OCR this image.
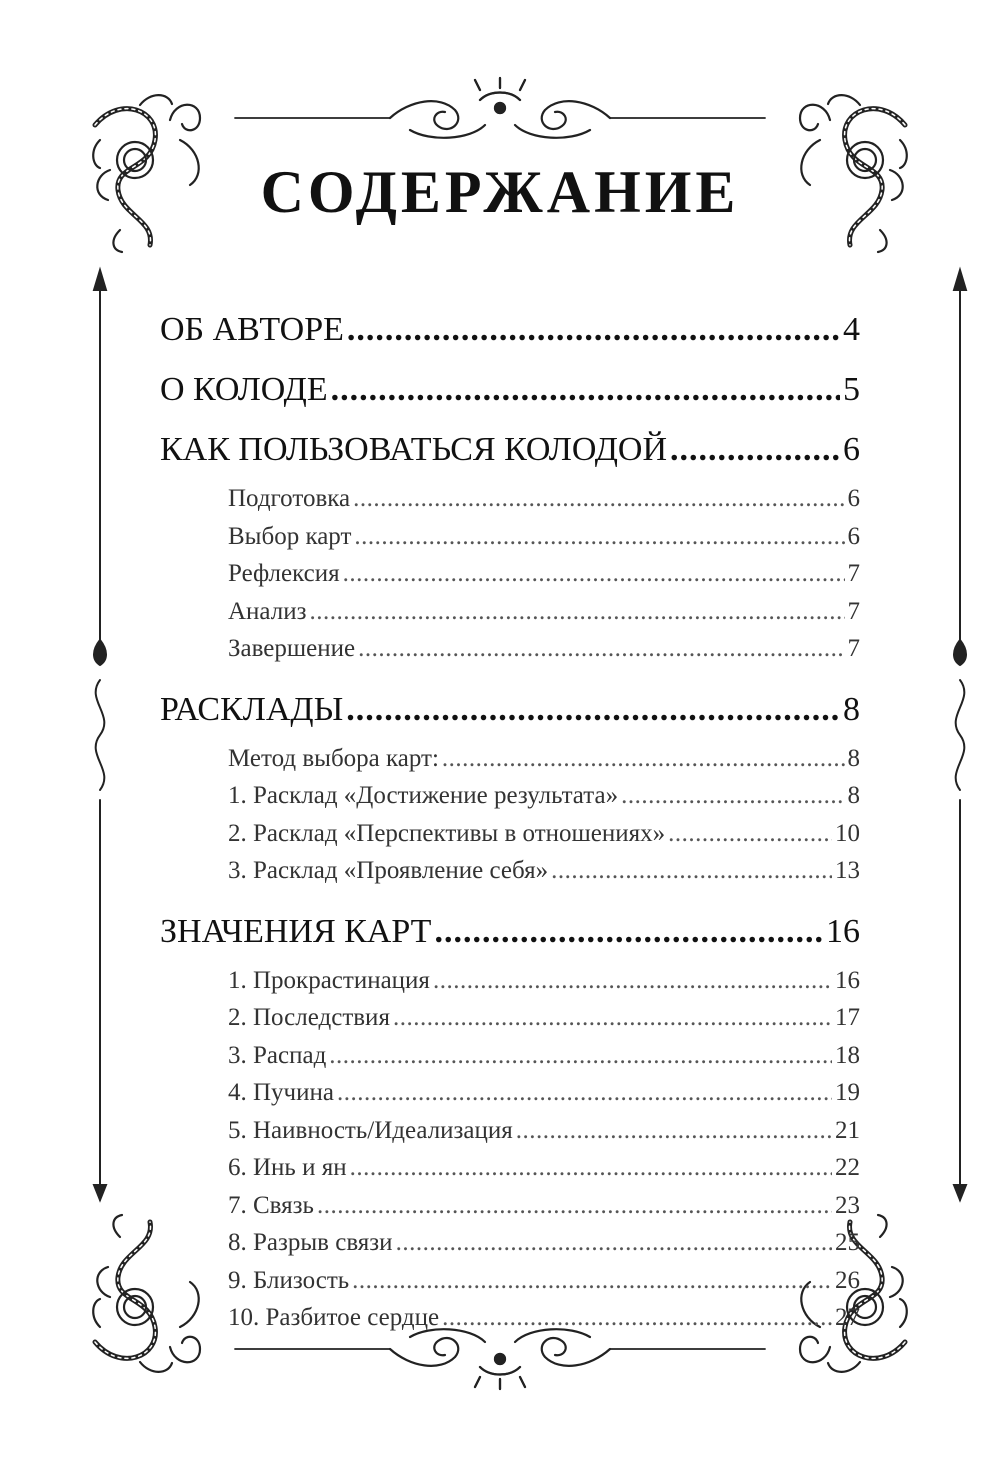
СОДЕРЖАНИЕ
ОБ АВТОРЕ .....	4
О КОЛОДЕ .....	5
КАК ПОЛЬЗОВАТЬСЯ КОЛОДОЙ .....	6
Подготовка .....	6
Выбор карт .....	6
Рефлексия .....	7
Анализ .....	7
Завершение .....	7
РАСКЛАДЫ .....	8
Метод выбора карт: .....	8
1. Расклад «Достижение результата» .....	8
2. Расклад «Перспективы в отношениях» .....	10
3. Расклад «Проявление себя» .....	13
ЗНАЧЕНИЯ КАРТ .....	16
1. Прокрастинация .....	16
2. Последствия .....	17
3. Распад .....	18
4. Пучина .....	19
5. Наивность/Идеализация .....	21
6. Инь и ян .....	22
7. Связь .....	23
8. Разрыв связи .....	25
9. Близость .....	26
10. Разбитое сердце .....	27
